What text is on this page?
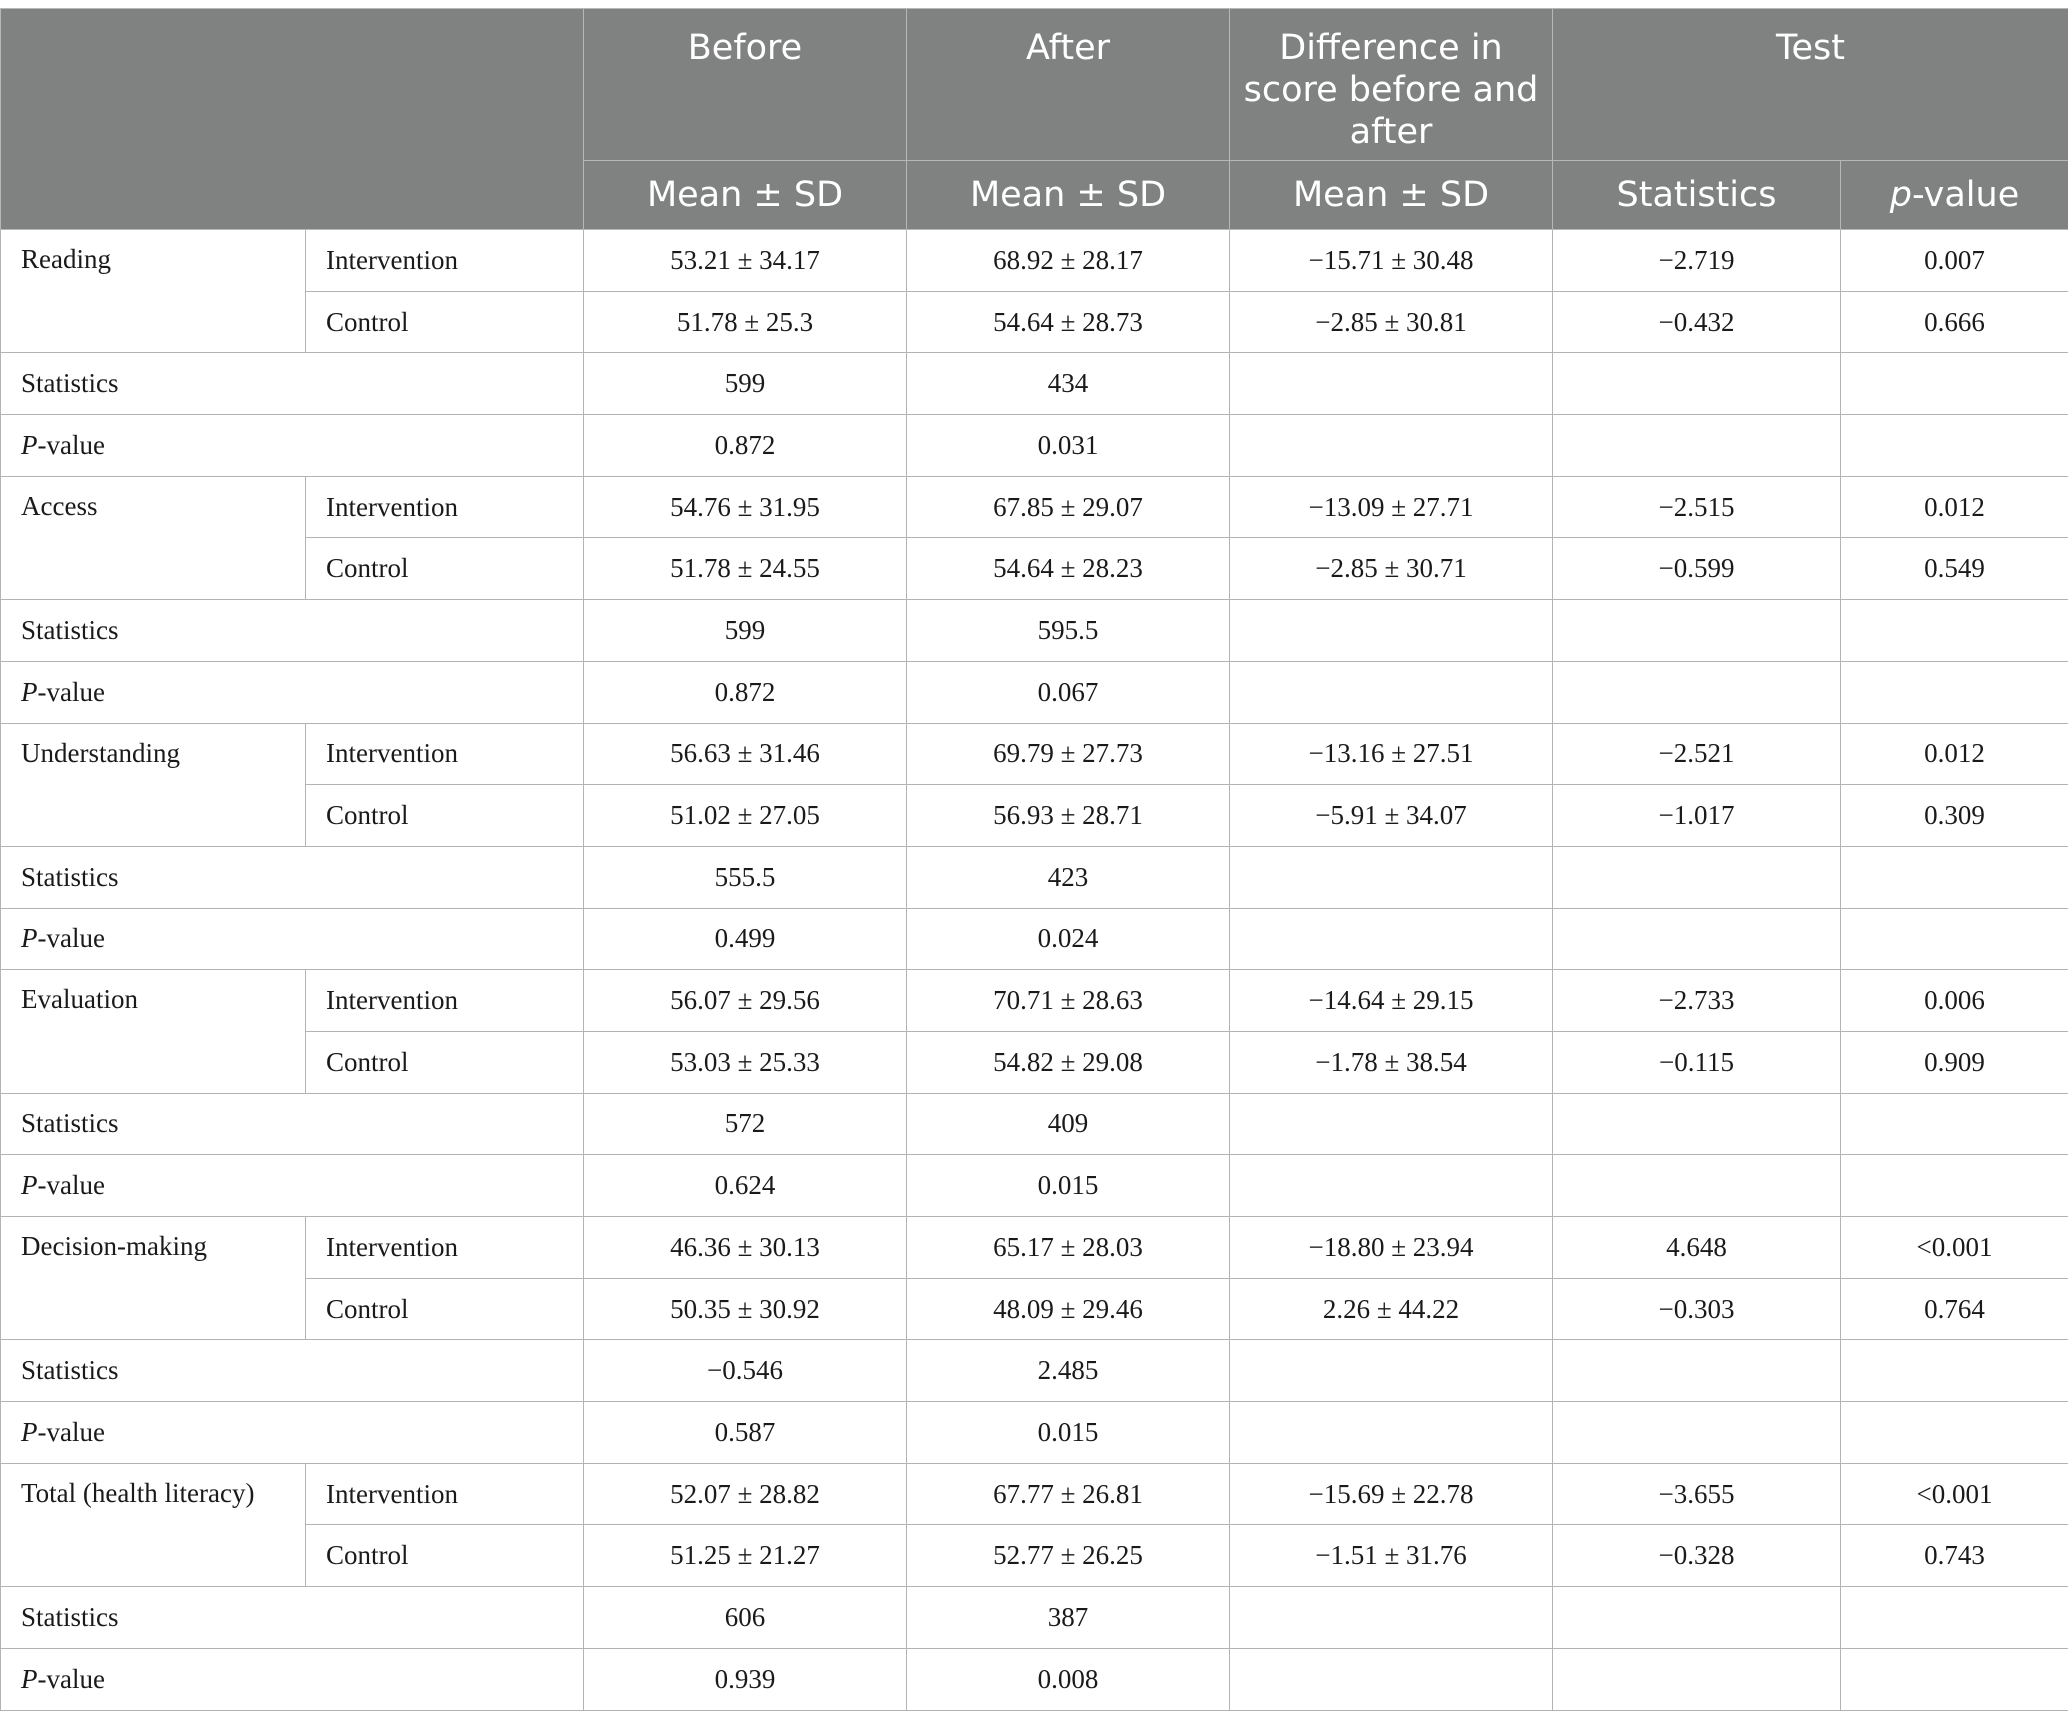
		Before	After	Difference in score before and after	Test	
		Mean ± SD	Mean ± SD	Mean ± SD	Statistics	p-value
Reading	Intervention	53.21 ± 34.17	68.92 ± 28.17	−15.71 ± 30.48	−2.719	0.007
	Control	51.78 ± 25.3	54.64 ± 28.73	−2.85 ± 30.81	−0.432	0.666
Statistics		599	434			
P-value		0.872	0.031			
Access	Intervention	54.76 ± 31.95	67.85 ± 29.07	−13.09 ± 27.71	−2.515	0.012
	Control	51.78 ± 24.55	54.64 ± 28.23	−2.85 ± 30.71	−0.599	0.549
Statistics		599	595.5			
P-value		0.872	0.067			
Understanding	Intervention	56.63 ± 31.46	69.79 ± 27.73	−13.16 ± 27.51	−2.521	0.012
	Control	51.02 ± 27.05	56.93 ± 28.71	−5.91 ± 34.07	−1.017	0.309
Statistics		555.5	423			
P-value		0.499	0.024			
Evaluation	Intervention	56.07 ± 29.56	70.71 ± 28.63	−14.64 ± 29.15	−2.733	0.006
	Control	53.03 ± 25.33	54.82 ± 29.08	−1.78 ± 38.54	−0.115	0.909
Statistics		572	409			
P-value		0.624	0.015			
Decision-making	Intervention	46.36 ± 30.13	65.17 ± 28.03	−18.80 ± 23.94	4.648	<0.001
	Control	50.35 ± 30.92	48.09 ± 29.46	2.26 ± 44.22	−0.303	0.764
Statistics		−0.546	2.485			
P-value		0.587	0.015			
Total (health literacy)	Intervention	52.07 ± 28.82	67.77 ± 26.81	−15.69 ± 22.78	−3.655	<0.001
	Control	51.25 ± 21.27	52.77 ± 26.25	−1.51 ± 31.76	−0.328	0.743
Statistics		606	387			
P-value		0.939	0.008			
